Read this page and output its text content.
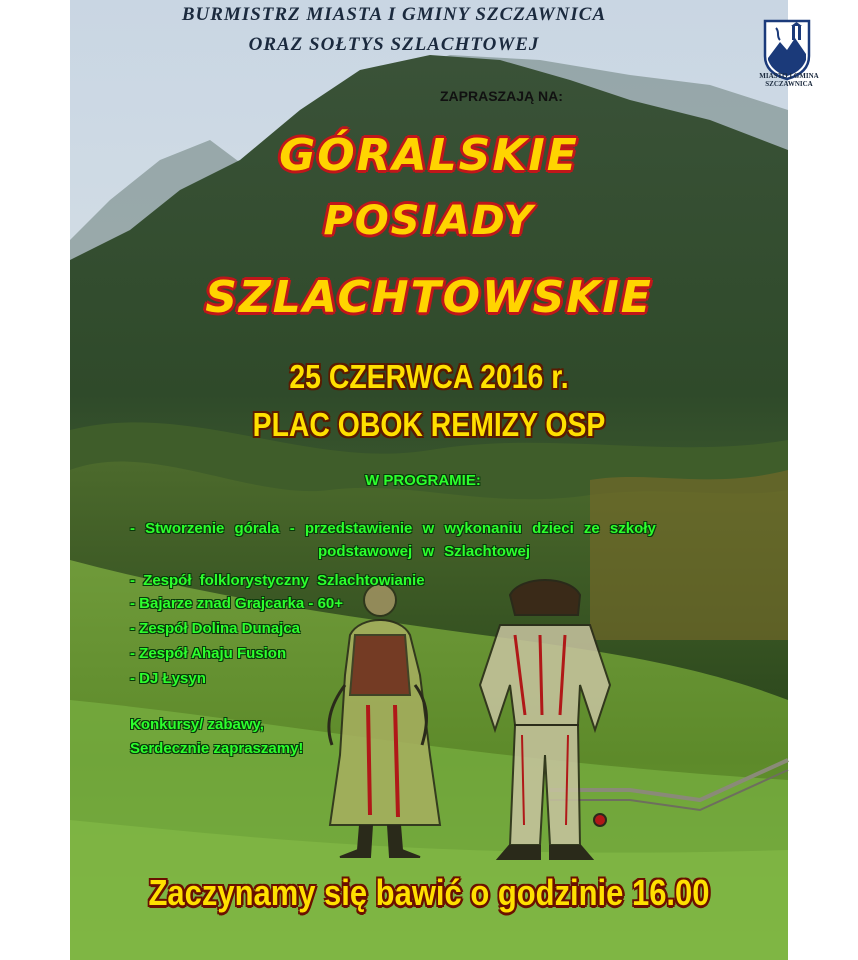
BURMISTRZ MIASTA I GMINY SZCZAWNICA
ORAZ SOŁTYS SZLACHTOWEJ
MIASTO I GMINA
SZCZAWNICA
ZAPRASZAJĄ NA:
GÓRALSKIE
POSIADY
SZLACHTOWSKIE
25 CZERWCA 2016 r.
PLAC OBOK REMIZY OSP
W PROGRAMIE:
- Stworzenie górala - przedstawienie w wykonaniu dzieci ze szkoły
podstawowej w Szlachtowej
- Zespół folklorystyczny Szlachtowianie
- Bajarze znad Grajcarka - 60+
- Zespół Dolina Dunajca
- Zespół Ahaju Fusion
- DJ Łysyn
Konkursy/ zabawy,
Serdecznie zapraszamy!
Zaczynamy się bawić o godzinie 16.00
